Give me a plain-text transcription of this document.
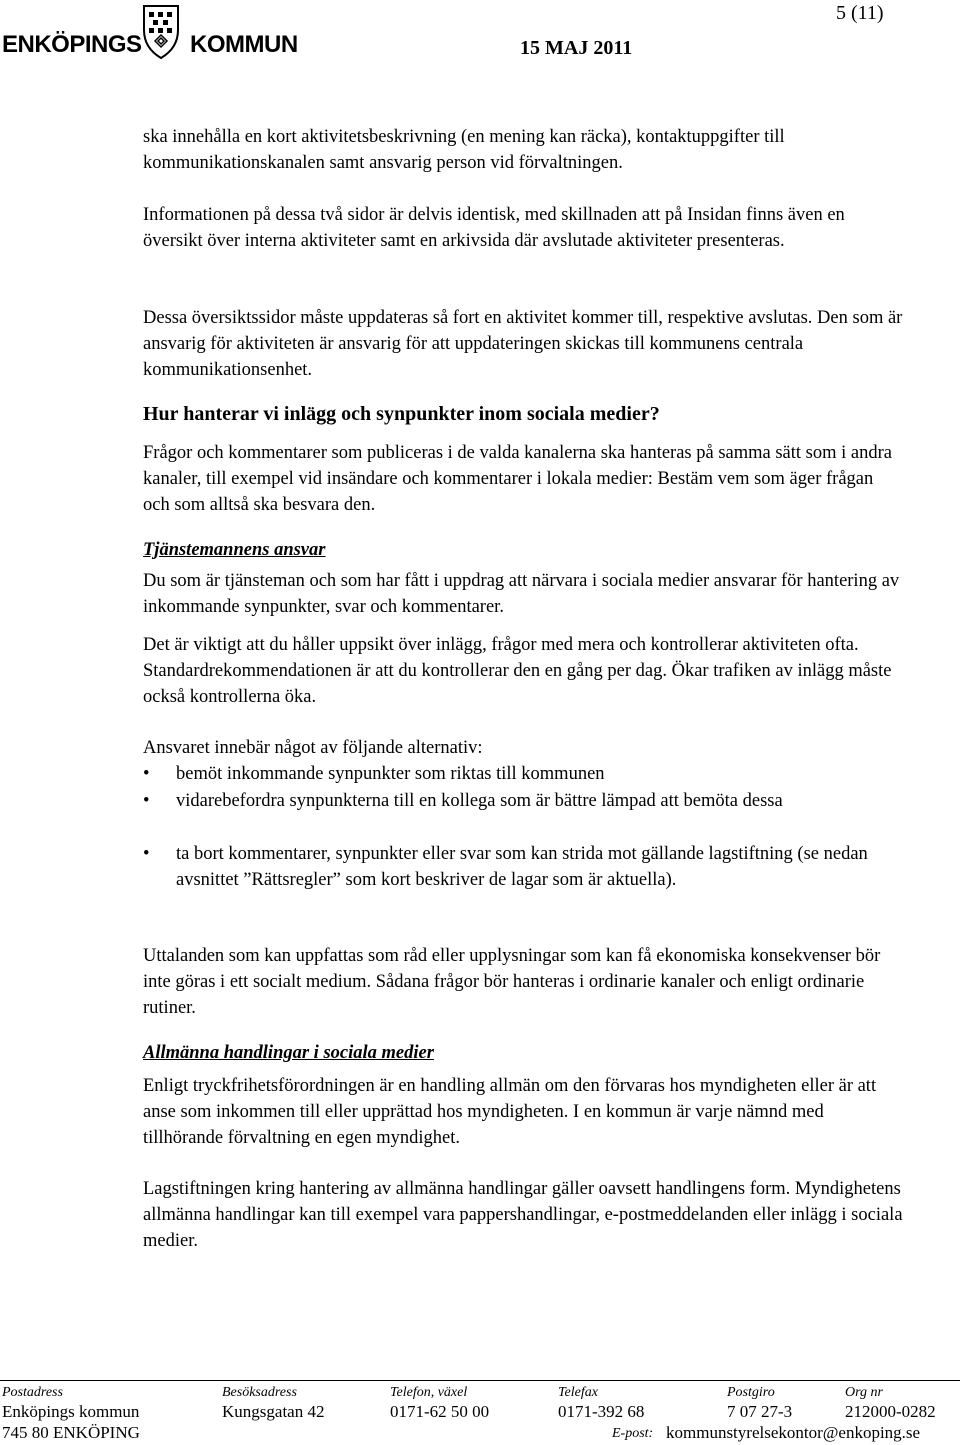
ENKÖPINGS KOMMUN
5 (11)
15 MAJ 2011

ska innehålla en kort aktivitetsbeskrivning (en mening kan räcka), kontaktuppgifter till kommunikationskanalen samt ansvarig person vid förvaltningen.

Informationen på dessa två sidor är delvis identisk, med skillnaden att på Insidan finns även en översikt över interna aktiviteter samt en arkivsida där avslutade aktiviteter presenteras.

Dessa översiktssidor måste uppdateras så fort en aktivitet kommer till, respektive avslutas. Den som är ansvarig för aktiviteten är ansvarig för att uppdateringen skickas till kommunens centrala kommunikationsenhet.

Hur hanterar vi inlägg och synpunkter inom sociala medier?

Frågor och kommentarer som publiceras i de valda kanalerna ska hanteras på samma sätt som i andra kanaler, till exempel vid insändare och kommentarer i lokala medier: Bestäm vem som äger frågan och som alltså ska besvara den.

Tjänstemannens ansvar

Du som är tjänsteman och som har fått i uppdrag att närvara i sociala medier ansvarar för hantering av inkommande synpunkter, svar och kommentarer.

Det är viktigt att du håller uppsikt över inlägg, frågor med mera och kontrollerar aktiviteten ofta. Standardrekommendationen är att du kontrollerar den en gång per dag. Ökar trafiken av inlägg måste också kontrollerna öka.

Ansvaret innebär något av följande alternativ:

• bemöt inkommande synpunkter som riktas till kommunen
• vidarebefordra synpunkterna till en kollega som är bättre lämpad att bemöta dessa
• ta bort kommentarer, synpunkter eller svar som kan strida mot gällande lagstiftning (se nedan avsnittet ”Rättsregler” som kort beskriver de lagar som är aktuella).

Uttalanden som kan uppfattas som råd eller upplysningar som kan få ekonomiska konsekvenser bör inte göras i ett socialt medium. Sådana frågor bör hanteras i ordinarie kanaler och enligt ordinarie rutiner.

Allmänna handlingar i sociala medier

Enligt tryckfrihetsförordningen är en handling allmän om den förvaras hos myndigheten eller är att anse som inkommen till eller upprättad hos myndigheten. I en kommun är varje nämnd med tillhörande förvaltning en egen myndighet.

Lagstiftningen kring hantering av allmänna handlingar gäller oavsett handlingens form. Myndighetens allmänna handlingar kan till exempel vara pappershandlingar, e-postmeddelanden eller inlägg i sociala medier.

Postadress
Enköpings kommun
745 80 ENKÖPING
Besöksadress
Kungsgatan 42
Telefon, växel
0171-62 50 00
Telefax
0171-392 68
Postgiro
7 07 27-3
Org nr
212000-0282
E-post: kommunstyrelsekontor@enkoping.se
